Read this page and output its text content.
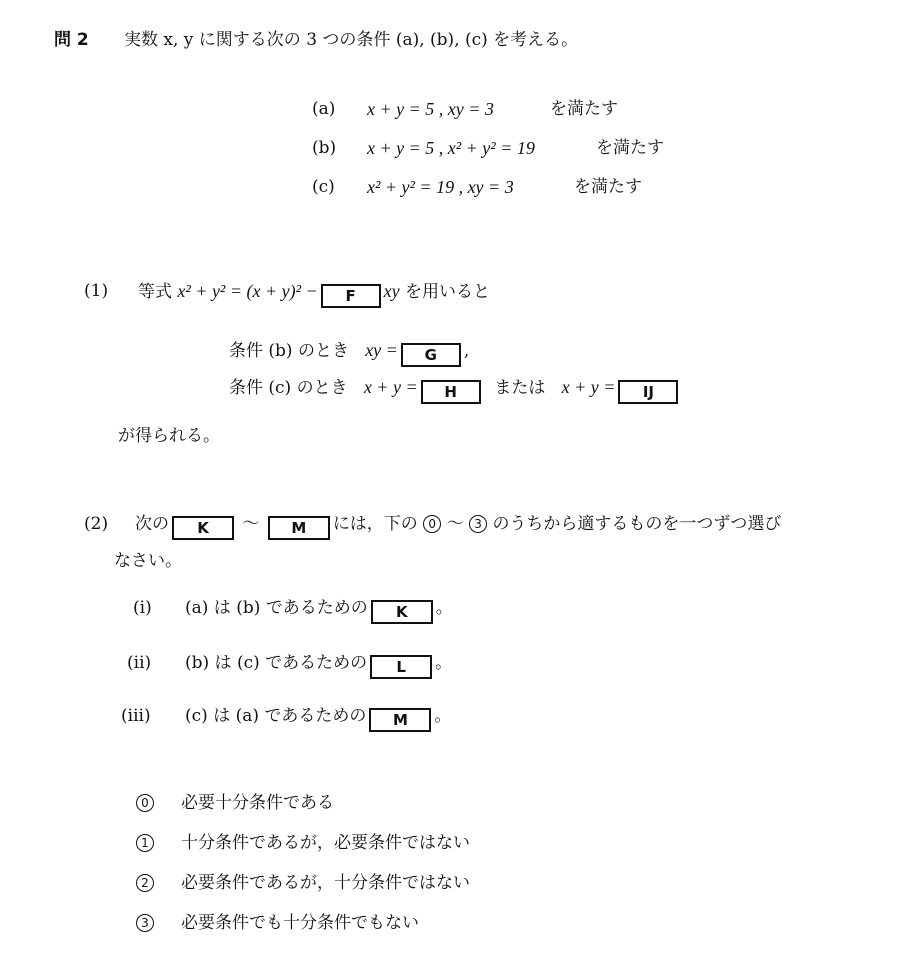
問 2 実数 x, y に関する次の 3 つの条件 (a), (b), (c) を考える。
(a) x + y = 5 , xy = 3	を満たす
(b) x + y = 5 , x² + y² = 19	を満たす
(c) x² + y² = 19 , xy = 3	を満たす
(1) 等式 x² + y² = (x + y)² − F xy を用いると
条件 (b) のとき xy = G ,
条件 (c) のとき x + y = H または x + y = IJ
が得られる。
(2) 次の K 〜 M には，下の 0 〜 3 のうちから適するものを一つずつ選び
なさい。
(i) (a) は (b) であるための K 。
(ii) (b) は (c) であるための L 。
(iii) (c) は (a) であるための M 。
0 必要十分条件である
1 十分条件であるが，必要条件ではない
2 必要条件であるが，十分条件ではない
3 必要条件でも十分条件でもない
